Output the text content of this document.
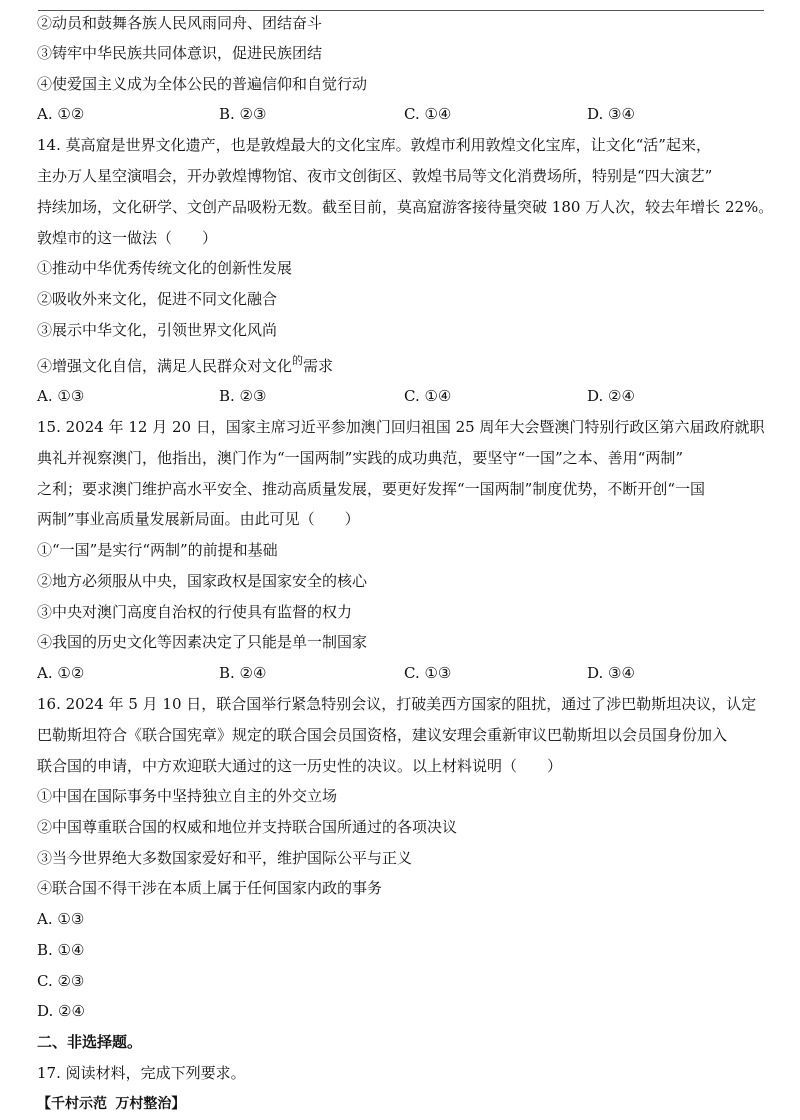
②动员和鼓舞各族人民风雨同舟、团结奋斗
③铸牢中华民族共同体意识，促进民族团结
④使爱国主义成为全体公民的普遍信仰和自觉行动
A. ①②	B. ②③	C. ①④	D. ③④
14. 莫高窟是世界文化遗产，也是敦煌最大的文化宝库。敦煌市利用敦煌文化宝库，让文化“活”起来，
主办万人星空演唱会，开办敦煌博物馆、夜市文创街区、敦煌书局等文化消费场所，特别是“四大演艺”
持续加场，文化研学、文创产品吸粉无数。截至目前，莫高窟游客接待量突破 180 万人次，较去年增长 22%。
敦煌市的这一做法（　　）
①推动中华优秀传统文化的创新性发展
②吸收外来文化，促进不同文化融合
③展示中华文化，引领世界文化风尚
④增强文化自信，满足人民群众对文化$^的$需求
A. ①③	B. ②③	C. ①④	D. ②④
15. 2024 年 12 月 20 日，国家主席习近平参加澳门回归祖国 25 周年大会暨澳门特别行政区第六届政府就职
典礼并视察澳门，他指出，澳门作为“一国两制”实践的成功典范，要坚守“一国”之本、善用“两制”
之利；要求澳门维护高水平安全、推动高质量发展，要更好发挥“一国两制”制度优势，不断开创“一国
两制”事业高质量发展新局面。由此可见（　　）
①“一国”是实行“两制”的前提和基础
②地方必须服从中央，国家政权是国家安全的核心
③中央对澳门高度自治权的行使具有监督的权力
④我国的历史文化等因素决定了只能是单一制国家
A. ①②	B. ②④	C. ①③	D. ③④
16. 2024 年 5 月 10 日，联合国举行紧急特别会议，打破美西方国家的阻扰，通过了涉巴勒斯坦决议，认定
巴勒斯坦符合《联合国宪章》规定的联合国会员国资格，建议安理会重新审议巴勒斯坦以会员国身份加入
联合国的申请，中方欢迎联大通过的这一历史性的决议。以上材料说明（　　）
①中国在国际事务中坚持独立自主的外交立场
②中国尊重联合国的权威和地位并支持联合国所通过的各项决议
③当今世界绝大多数国家爱好和平，维护国际公平与正义
④联合国不得干涉在本质上属于任何国家内政的事务
A. ①③
B. ①④
C. ②③
D. ②④
二、非选择题。
17. 阅读材料，完成下列要求。
【千村示范 万村整治】
